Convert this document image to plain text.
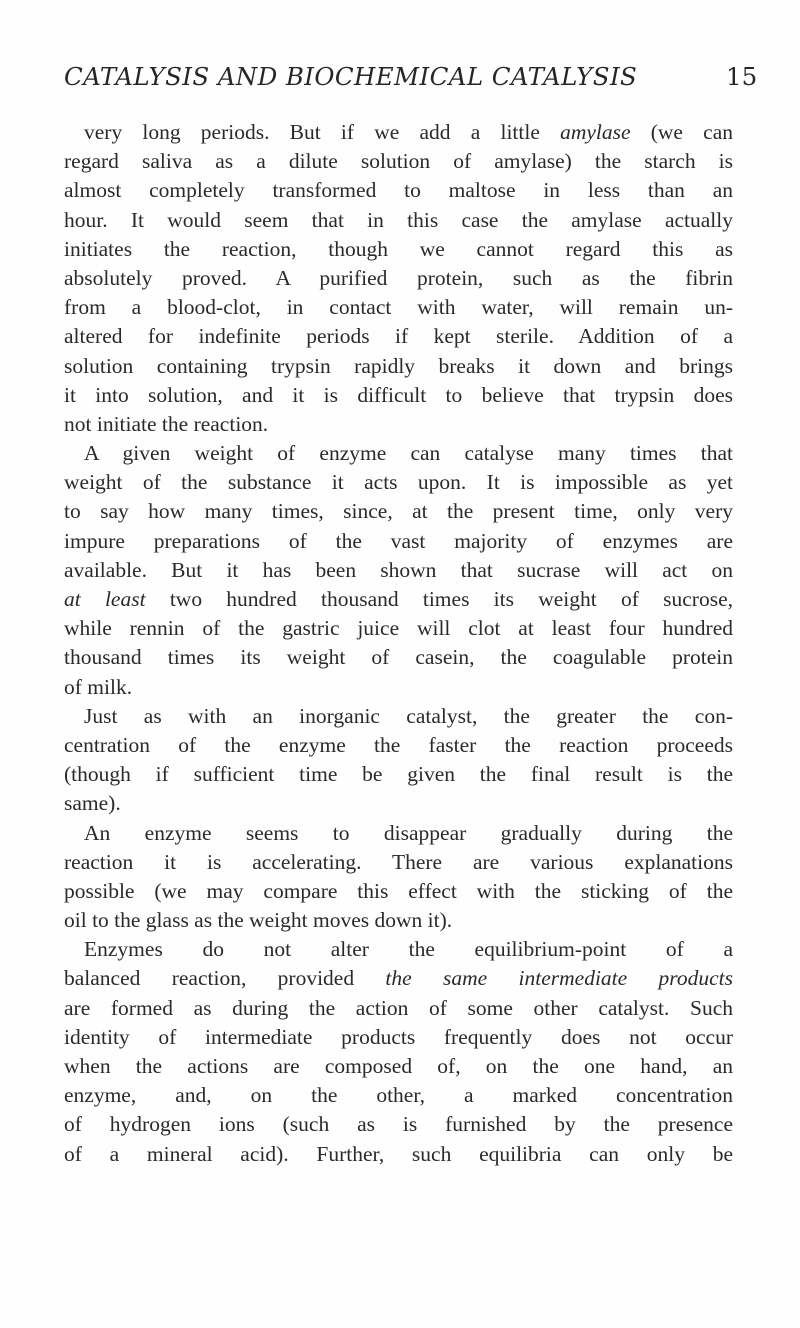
CATALYSIS AND BIOCHEMICAL CATALYSIS	15
very long periods. But if we add a little amylase (we can
regard saliva as a dilute solution of amylase) the starch is
almost completely transformed to maltose in less than an
hour. It would seem that in this case the amylase actually
initiates the reaction, though we cannot regard this as
absolutely proved. A purified protein, such as the fibrin
from a blood-clot, in contact with water, will remain un-
altered for indefinite periods if kept sterile. Addition of a
solution containing trypsin rapidly breaks it down and brings
it into solution, and it is difficult to believe that trypsin does
not initiate the reaction.
A given weight of enzyme can catalyse many times that
weight of the substance it acts upon. It is impossible as yet
to say how many times, since, at the present time, only very
impure preparations of the vast majority of enzymes are
available. But it has been shown that sucrase will act on
at least two hundred thousand times its weight of sucrose,
while rennin of the gastric juice will clot at least four hundred
thousand times its weight of casein, the coagulable protein
of milk.
Just as with an inorganic catalyst, the greater the con-
centration of the enzyme the faster the reaction proceeds
(though if sufficient time be given the final result is the
same).
An enzyme seems to disappear gradually during the
reaction it is accelerating. There are various explanations
possible (we may compare this effect with the sticking of the
oil to the glass as the weight moves down it).
Enzymes do not alter the equilibrium-point of a
balanced reaction, provided the same intermediate products
are formed as during the action of some other catalyst. Such
identity of intermediate products frequently does not occur
when the actions are composed of, on the one hand, an
enzyme, and, on the other, a marked concentration
of hydrogen ions (such as is furnished by the presence
of a mineral acid). Further, such equilibria can only be
